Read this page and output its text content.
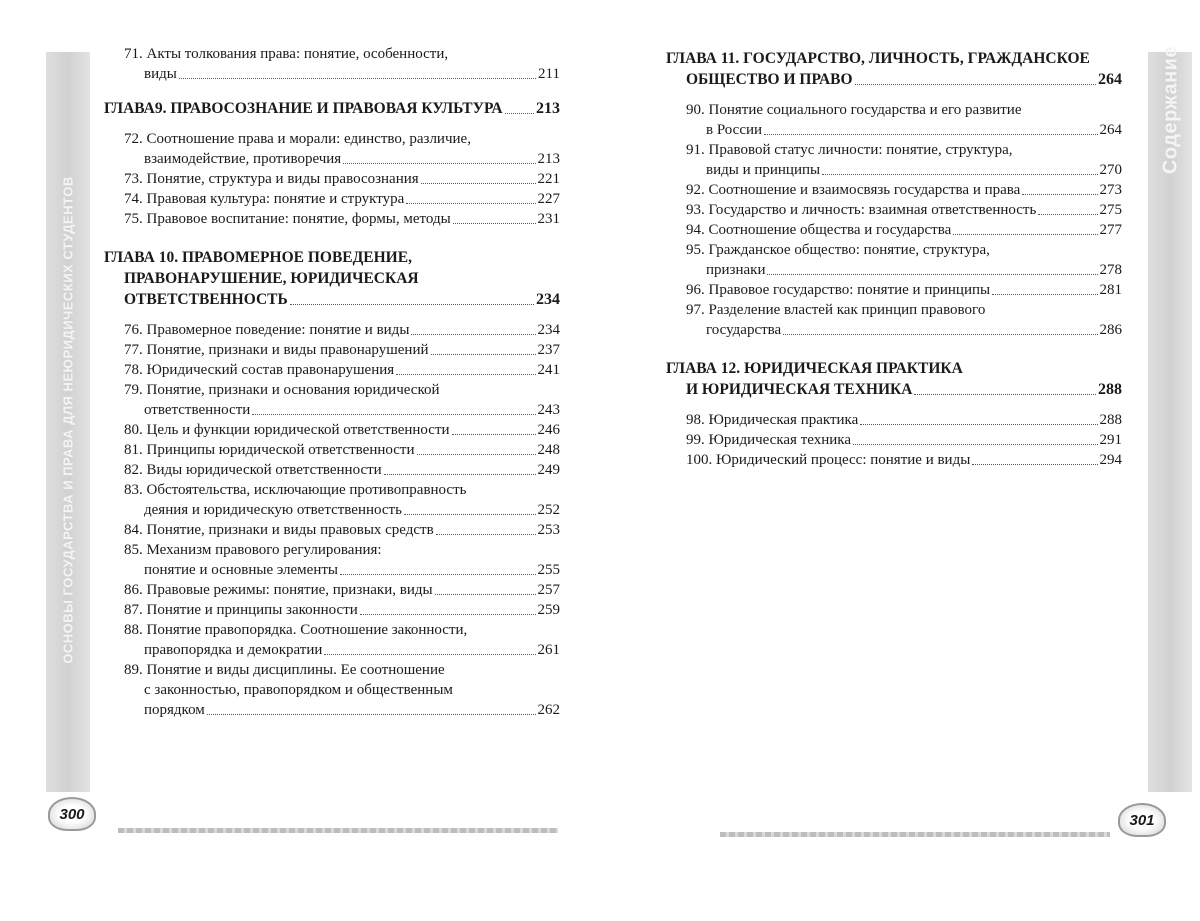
ОСНОВЫ ГОСУДАРСТВА И ПРАВА ДЛЯ НЕЮРИДИЧЕСКИХ СТУДЕНТОВ
71. Акты толкования права: понятие, особенности,
виды	211
ГЛАВА9. ПРАВОСОЗНАНИЕ И ПРАВОВАЯ КУЛЬТУРА 213
72. Соотношение права и морали: единство, различие,
взаимодействие, противоречия	213
73. Понятие, структура и виды правосознания	221
74. Правовая культура: понятие и структура	227
75. Правовое воспитание: понятие, формы, методы	231
ГЛАВА 10. ПРАВОМЕРНОЕ ПОВЕДЕНИЕ,
ПРАВОНАРУШЕНИЕ, ЮРИДИЧЕСКАЯ
ОТВЕТСТВЕННОСТЬ	234
76. Правомерное поведение: понятие и виды	234
77. Понятие, признаки и виды правонарушений	237
78. Юридический состав правонарушения	241
79. Понятие, признаки и основания юридической
ответственности	243
80. Цель и функции юридической ответственности	246
81. Принципы юридической ответственности	248
82. Виды юридической ответственности	249
83. Обстоятельства, исключающие противоправность
деяния и юридическую ответственность	252
84. Понятие, признаки и виды правовых средств	253
85. Механизм правового регулирования:
понятие и основные элементы	255
86. Правовые режимы: понятие, признаки, виды	257
87. Понятие и принципы законности	259
88. Понятие правопорядка. Соотношение законности,
правопорядка и демократии	261
89. Понятие и виды дисциплины. Ее соотношение
с законностью, правопорядком и общественным
порядком	262
300
Содержание
ГЛАВА 11. ГОСУДАРСТВО, ЛИЧНОСТЬ, ГРАЖДАНСКОЕ
ОБЩЕСТВО И ПРАВО	264
90. Понятие социального государства и его развитие
в России	264
91. Правовой статус личности: понятие, структура,
виды и принципы	270
92. Соотношение и взаимосвязь государства и права	273
93. Государство и личность: взаимная ответственность	275
94. Соотношение общества и государства	277
95. Гражданское общество: понятие, структура,
признаки	278
96. Правовое государство: понятие и принципы	281
97. Разделение властей как принцип правового
государства	286
ГЛАВА 12. ЮРИДИЧЕСКАЯ ПРАКТИКА
И ЮРИДИЧЕСКАЯ ТЕХНИКА	288
98. Юридическая практика	288
99. Юридическая техника	291
100. Юридический процесс: понятие и виды	294
301
